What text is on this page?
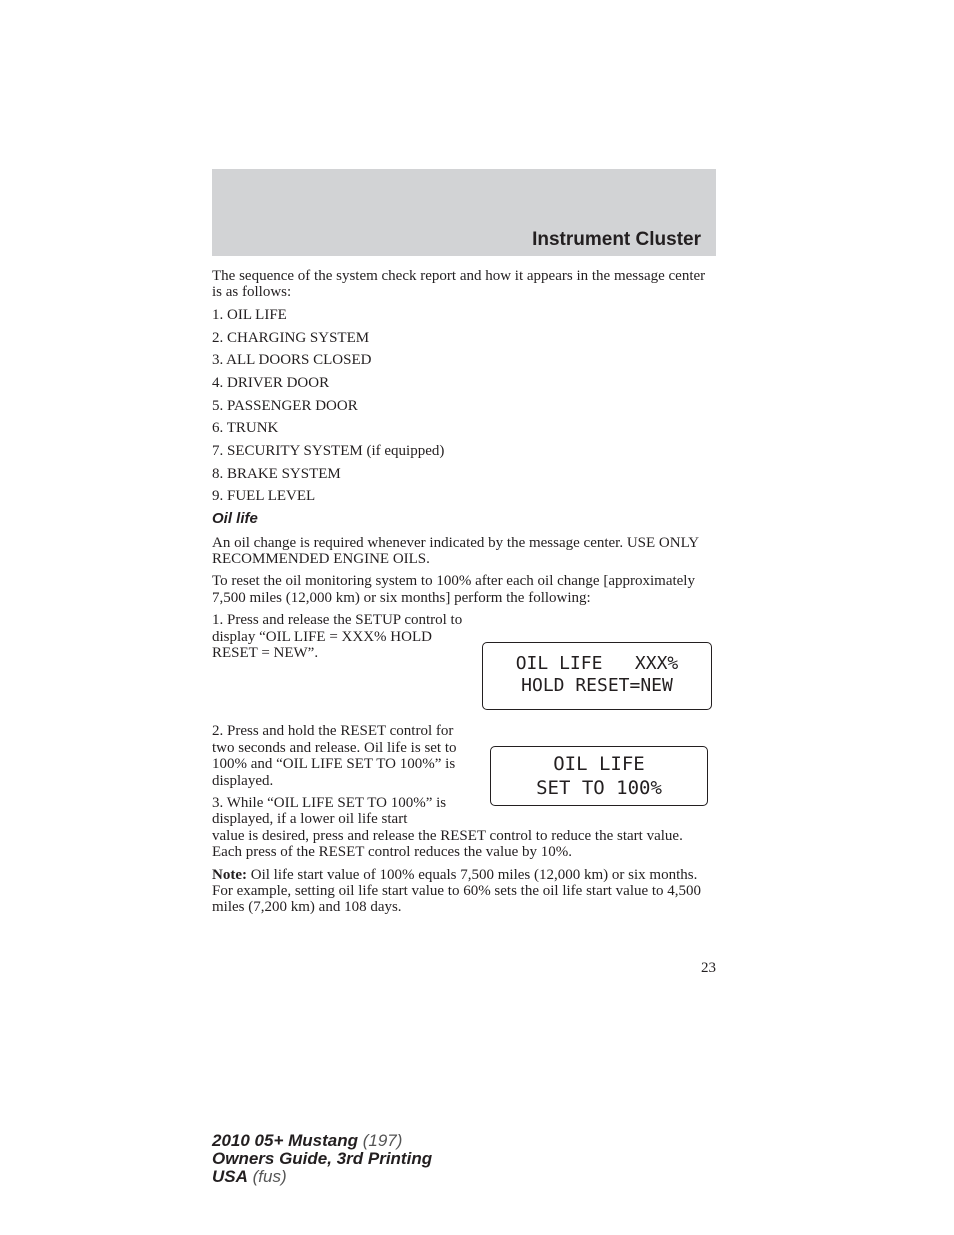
Instrument Cluster

The sequence of the system check report and how it appears in the message center is as follows:

1. OIL LIFE
2. CHARGING SYSTEM
3. ALL DOORS CLOSED
4. DRIVER DOOR
5. PASSENGER DOOR
6. TRUNK
7. SECURITY SYSTEM (if equipped)
8. BRAKE SYSTEM
9. FUEL LEVEL
Oil life

An oil change is required whenever indicated by the message center. USE ONLY RECOMMENDED ENGINE OILS.

To reset the oil monitoring system to 100% after each oil change [approximately 7,500 miles (12,000 km) or six months] perform the following:

1. Press and release the SETUP control to display “OIL LIFE = XXX% HOLD RESET = NEW”.

2. Press and hold the RESET control for two seconds and release. Oil life is set to 100% and “OIL LIFE SET TO 100%” is displayed.

3. While “OIL LIFE SET TO 100%” is displayed, if a lower oil life start
value is desired, press and release the RESET control to reduce the start value. Each press of the RESET control reduces the value by 10%.

Note: Oil life start value of 100% equals 7,500 miles (12,000 km) or six months. For example, setting oil life start value to 60% sets the oil life start value to 4,500 miles (7,200 km) and 108 days.

OIL LIFE   XXX%
HOLD RESET=NEW
OIL LIFE
SET TO 100%
23
2010 05+ Mustang (197)
Owners Guide, 3rd Printing
USA (fus)
